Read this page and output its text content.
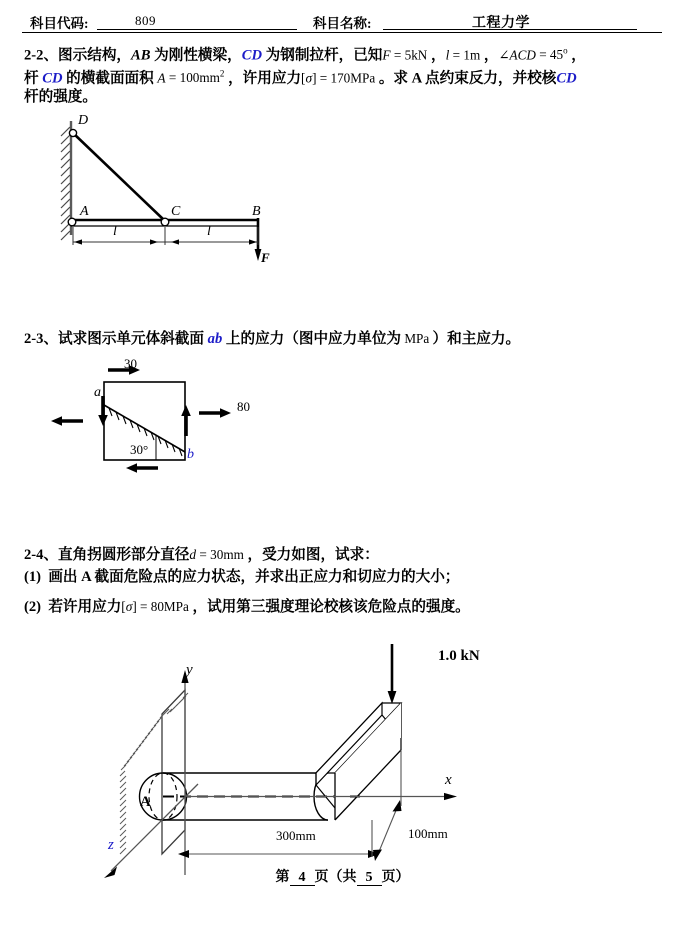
科目代码:	809	科目名称:	工程力学
2-2、图示结构，AB 为刚性横梁，CD 为钢制拉杆，已知F = 5kN ，l = 1m ，∠ACD = $45^o$ ，
杆 CD 的横截面面积 $A = 100mm^2$ ，许用应力[σ] = 170MPa 。求 A 点约束反力，并校核CD
杆的强度。
D
A	C	B
F
l	l
2-3、试求图示单元体斜截面 ab 上的应力（图中应力单位为 MPa ）和主应力。
30
80
30°
a
b
2-4、直角拐圆形部分直径d = 30mm ，受力如图，试求：
(1)  画出 A 截面危险点的应力状态，并求出正应力和切应力的大小；
(2)  若许用应力[σ] = 80MPa ，试用第三强度理论校核该危险点的强度。
y
x
z
A
1.0 kN
300mm	100mm
第 4 页（共 5 页）
